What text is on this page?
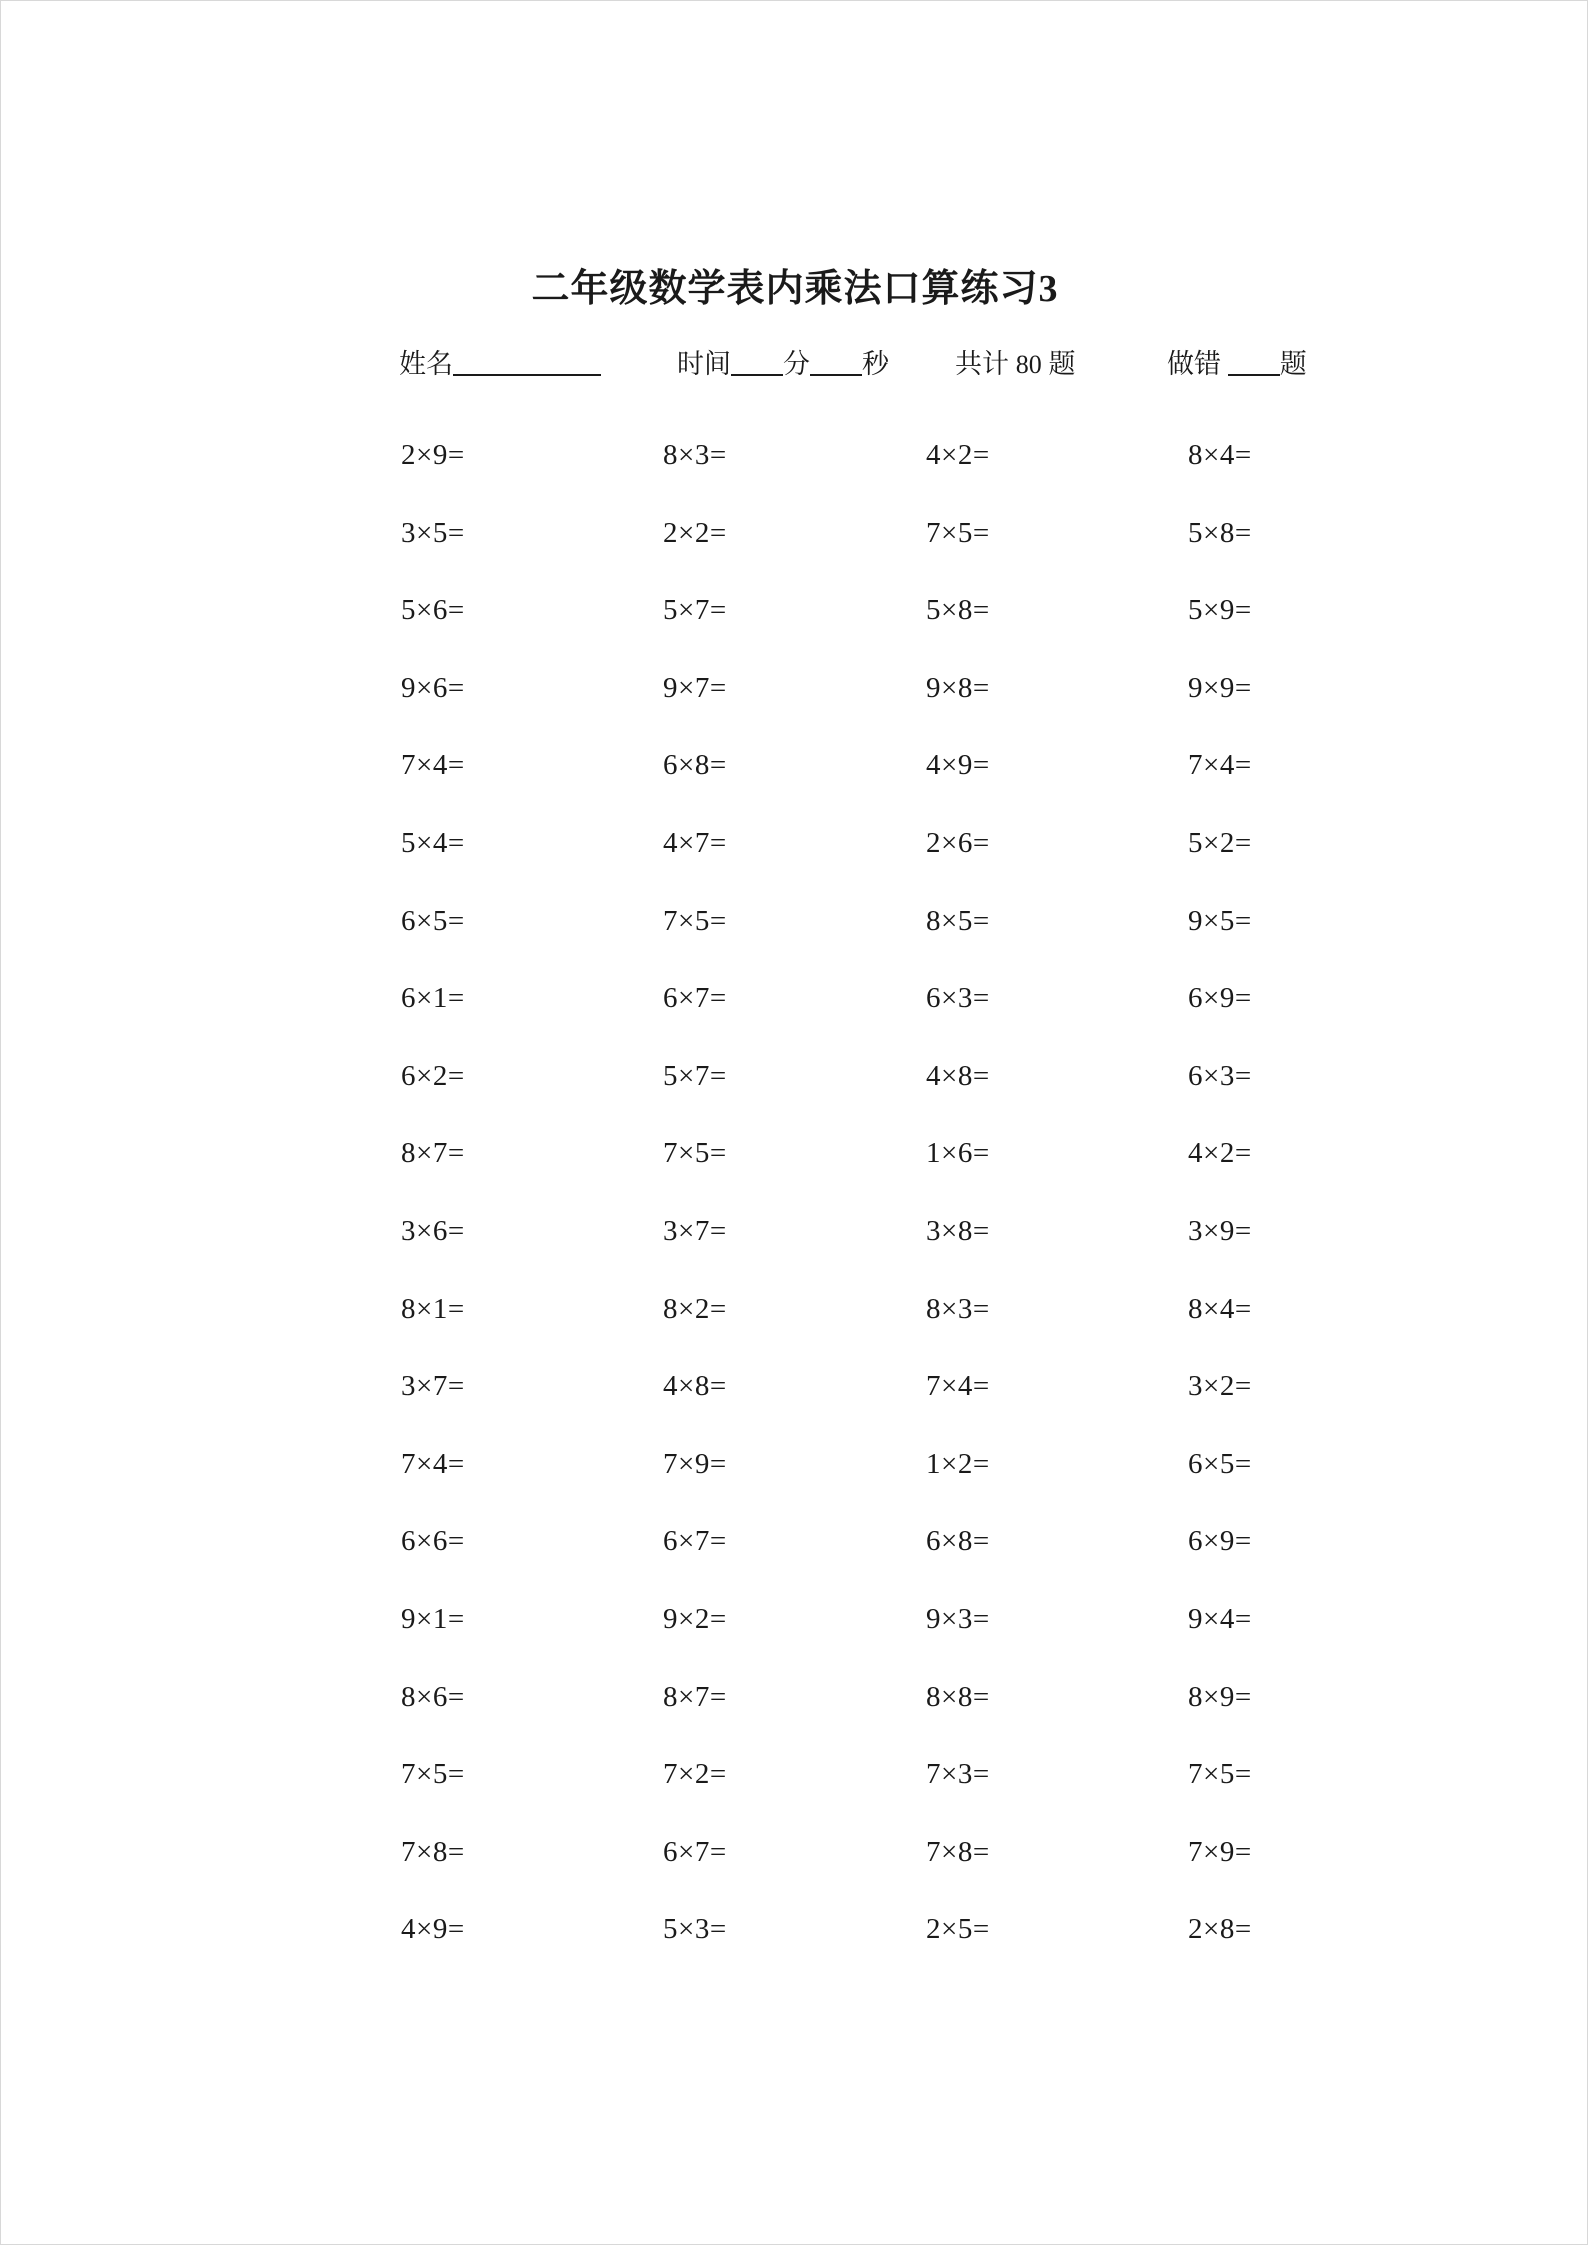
二年级数学表内乘法口算练习3
姓名	时间 分 秒 共计 80 题	做错 题
2×9=	8×3=	4×2=	8×4=
3×5=	2×2=	7×5=	5×8=
5×6=	5×7=	5×8=	5×9=
9×6=	9×7=	9×8=	9×9=
7×4=	6×8=	4×9=	7×4=
5×4=	4×7=	2×6=	5×2=
6×5=	7×5=	8×5=	9×5=
6×1=	6×7=	6×3=	6×9=
6×2=	5×7=	4×8=	6×3=
8×7=	7×5=	1×6=	4×2=
3×6=	3×7=	3×8=	3×9=
8×1=	8×2=	8×3=	8×4=
3×7=	4×8=	7×4=	3×2=
7×4=	7×9=	1×2=	6×5=
6×6=	6×7=	6×8=	6×9=
9×1=	9×2=	9×3=	9×4=
8×6=	8×7=	8×8=	8×9=
7×5=	7×2=	7×3=	7×5=
7×8=	6×7=	7×8=	7×9=
4×9=	5×3=	2×5=	2×8=
